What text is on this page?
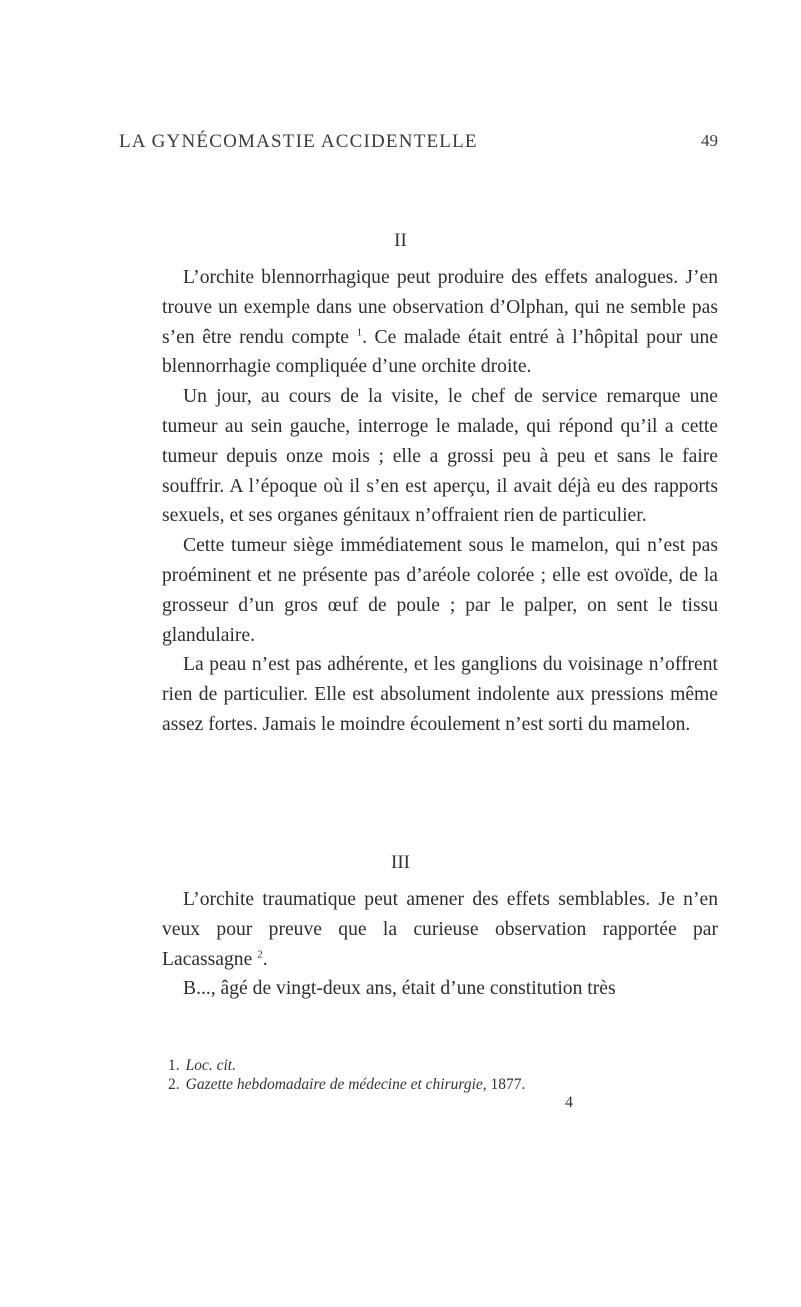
LA GYNÉCOMASTIE ACCIDENTELLE	49
II

L’orchite blennorrhagique peut produire des effets analogues. J’en trouve un exemple dans une observation d’Olphan, qui ne semble pas s’en être rendu compte $^1$. Ce malade était entré à l’hôpital pour une blennorrhagie compliquée d’une orchite droite.

Un jour, au cours de la visite, le chef de service remarque une tumeur au sein gauche, interroge le malade, qui répond qu’il a cette tumeur depuis onze mois ; elle a grossi peu à peu et sans le faire souffrir. A l’époque où il s’en est aperçu, il avait déjà eu des rapports sexuels, et ses organes génitaux n’offraient rien de particulier.

Cette tumeur siège immédiatement sous le mamelon, qui n’est pas proéminent et ne présente pas d’aréole colorée ; elle est ovoïde, de la grosseur d’un gros œuf de poule ; par le palper, on sent le tissu glandulaire.

La peau n’est pas adhérente, et les ganglions du voisinage n’offrent rien de particulier. Elle est absolument indolente aux pressions même assez fortes. Jamais le moindre écoulement n’est sorti du mamelon.

III

L’orchite traumatique peut amener des effets semblables. Je n’en veux pour preuve que la curieuse observation rapportée par Lacassagne $^2$.

B..., âgé de vingt-deux ans, était d’une constitution très

1. Loc. cit.

2. Gazette hebdomadaire de médecine et chirurgie, 1877.

4
